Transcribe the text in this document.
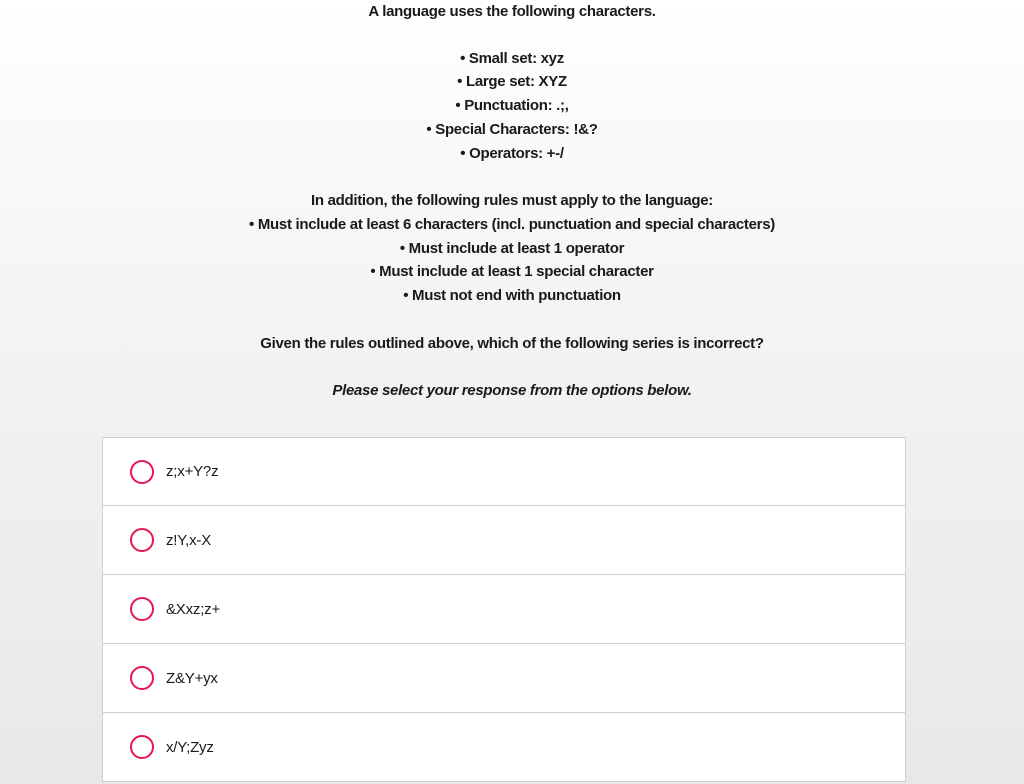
A language uses the following characters.

• Small set: xyz
• Large set: XYZ
• Punctuation: .;,
• Special Characters: !&?
• Operators: +-/

In addition, the following rules must apply to the language:

• Must include at least 6 characters (incl. punctuation and special characters)
• Must include at least 1 operator
• Must include at least 1 special character
• Must not end with punctuation

Given the rules outlined above, which of the following series is incorrect?

Please select your response from the options below.

z;x+Y?z
z!Y,x-X
&Xxz;z+
Z&Y+yx
x/Y;Zyz
